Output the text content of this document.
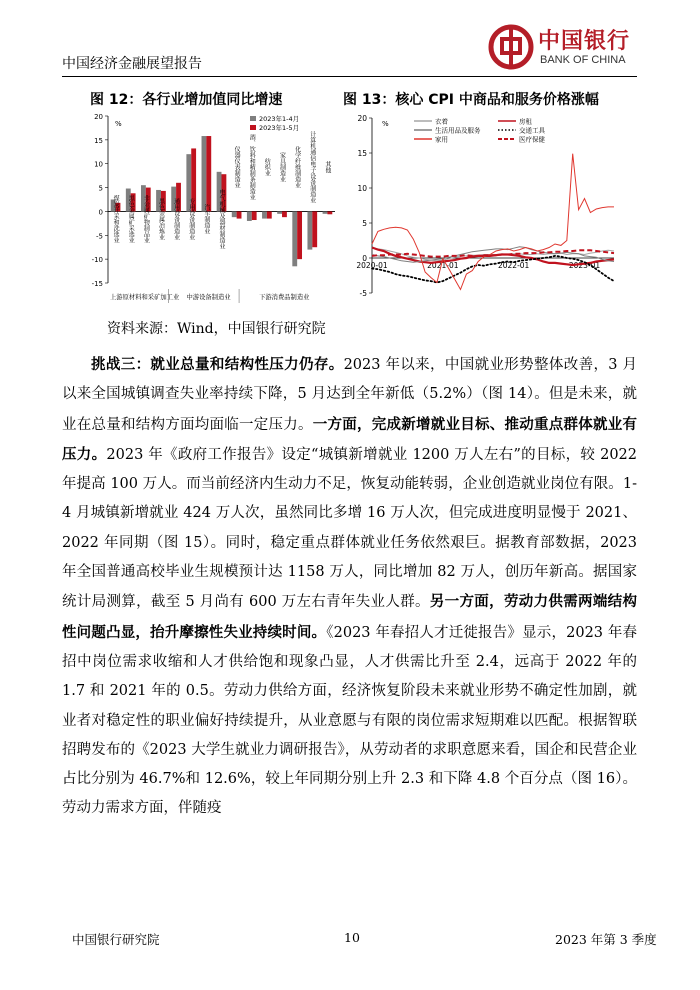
中国经济金融展望报告
中国银行
BANK OF CHINA
图 12：各行业增加值同比增速	图 13：核心 CPI 中商品和服务价格涨幅
-15
-10
-5
0
5
10
15
20
%
煤炭开采和洗选业 黑色金属矿采选业 非金属矿物制品业 黑色金属冶炼业 通用设备制造业 专用设备制造业 汽车制造业 电气机械及器材制造业
仪器仪表制造业 酒、饮料和精制茶制造业 纺织业 家具制造业 化学纤维制造业 计算机通信电子设备制造业 其他
2023年1-4月
2023年1-5月
上游原材料和采矿加工业 中游设备制造业	下游消费品制造业	-5
0
5
10
15
20
%
2020-01	2021-01	2022-01	2023-01
衣着	房租
生活用品及服务	交通工具
家用	医疗保健
资料来源：Wind，中国银行研究院

挑战三：就业总量和结构性压力仍存。2023 年以来，中国就业形势整体改善，3 月以来全国城镇调查失业率持续下降，5 月达到全年新低（5.2%）（图 14）。但是未来，就业在总量和结构方面均面临一定压力。一方面，完成新增就业目标、推动重点群体就业有压力。2023 年《政府工作报告》设定“城镇新增就业 1200 万人左右”的目标，较 2022 年提高 100 万人。而当前经济内生动力不足，恢复动能转弱，企业创造就业岗位有限。1-4 月城镇新增就业 424 万人次，虽然同比多增 16 万人次，但完成进度明显慢于 2021、2022 年同期（图 15）。同时，稳定重点群体就业任务依然艰巨。据教育部数据，2023 年全国普通高校毕业生规模预计达 1158 万人，同比增加 82 万人，创历年新高。据国家统计局测算，截至 5 月尚有 600 万左右青年失业人群。另一方面，劳动力供需两端结构性问题凸显，抬升摩擦性失业持续时间。《2023 年春招人才迁徙报告》显示，2023 年春招中岗位需求收缩和人才供给饱和现象凸显，人才供需比升至 2.4，远高于 2022 年的 1.7 和 2021 年的 0.5。劳动力供给方面，经济恢复阶段未来就业形势不确定性加剧，就业者对稳定性的职业偏好持续提升，从业意愿与有限的岗位需求短期难以匹配。根据智联招聘发布的《2023 大学生就业力调研报告》，从劳动者的求职意愿来看，国企和民营企业占比分别为 46.7%和 12.6%，较上年同期分别上升 2.3 和下降 4.8 个百分点（图 16）。劳动力需求方面，伴随疫

中国银行研究院	10	2023 年第 3 季度
